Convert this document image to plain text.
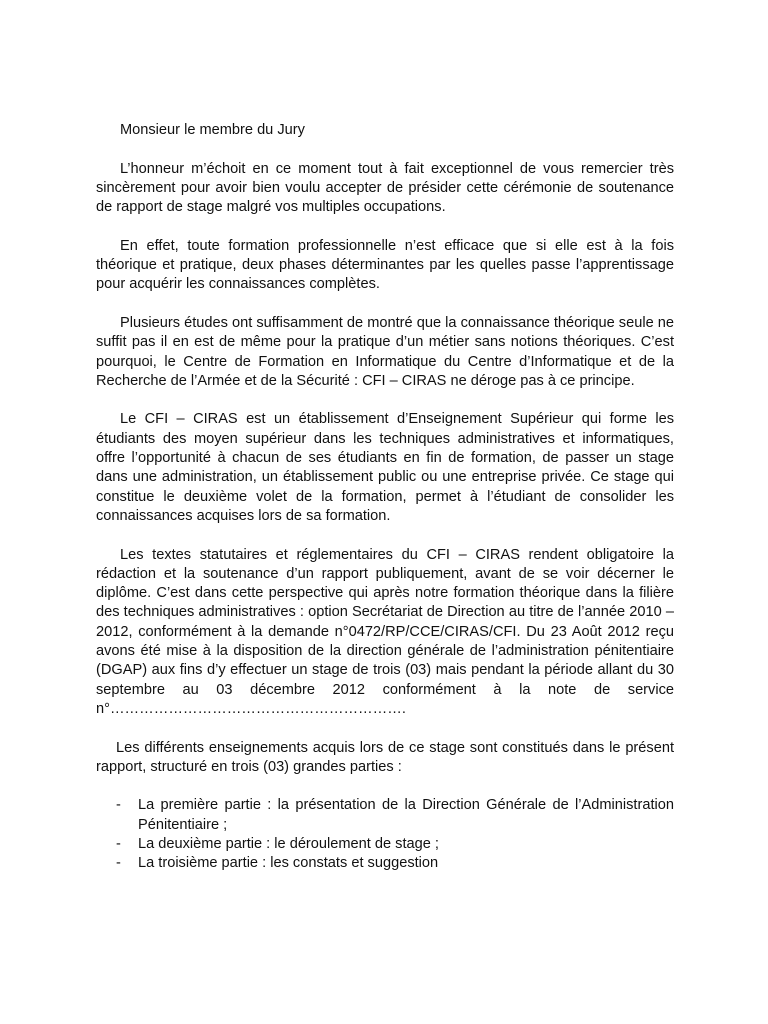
Monsieur le membre du Jury

L’honneur m’échoit en ce moment tout à fait exceptionnel de vous remercier très sincèrement pour avoir bien voulu accepter de présider cette cérémonie de soutenance de rapport de stage malgré vos multiples occupations.

En effet, toute formation professionnelle n’est efficace que si elle est à la fois théorique et pratique, deux phases déterminantes par les quelles passe l’apprentissage pour acquérir les connaissances complètes.

Plusieurs études ont suffisamment de montré que la connaissance théorique seule ne suffit pas il en est de même pour la pratique d’un métier sans notions théoriques. C’est pourquoi, le Centre de Formation en Informatique du Centre d’Informatique et de la Recherche de l’Armée et de la Sécurité : CFI – CIRAS ne déroge pas à ce principe.

Le CFI – CIRAS est un établissement d’Enseignement Supérieur qui forme les étudiants des moyen supérieur dans les techniques administratives et informatiques, offre l’opportunité à chacun de ses étudiants en fin de formation, de passer un stage dans une administration, un établissement public ou une entreprise privée. Ce stage qui constitue le deuxième volet de la formation, permet à l’étudiant de consolider les connaissances acquises lors de sa formation.

Les textes statutaires et réglementaires du CFI – CIRAS rendent obligatoire la rédaction et la soutenance d’un rapport publiquement, avant de se voir décerner le diplôme. C’est dans cette perspective qui après notre formation théorique dans la filière des techniques administratives : option Secrétariat de Direction au titre de l’année 2010 – 2012, conformément à la demande n°0472/RP/CCE/CIRAS/CFI. Du 23 Août 2012 reçu avons été mise à la disposition de la direction générale de l’administration pénitentiaire (DGAP) aux fins d’y effectuer un stage de trois (03) mais pendant la période allant du 30 septembre au 03 décembre 2012 conformément à la note de service n°…………………………………………………….

Les différents enseignements acquis lors de ce stage sont constitués dans le présent rapport, structuré en trois (03) grandes parties :

- La première partie : la présentation de la Direction Générale de l’Administration Pénitentiaire ;
- La deuxième partie : le déroulement de stage ;
- La troisième partie : les constats et suggestion
